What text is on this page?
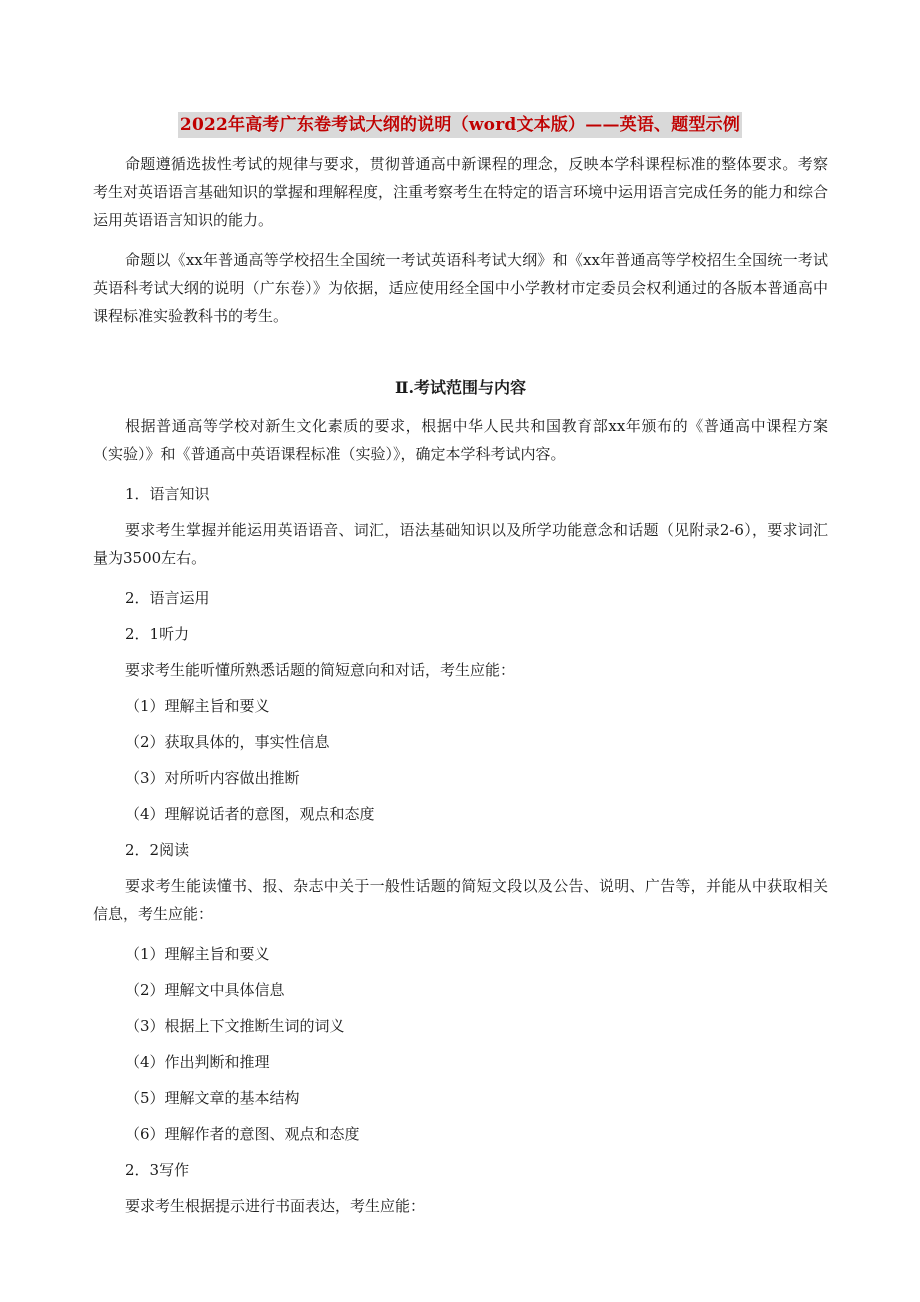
2022年高考广东卷考试大纲的说明（word文本版）——英语、题型示例

命题遵循选拔性考试的规律与要求，贯彻普通高中新课程的理念，反映本学科课程标准的整体要求。考察考生对英语语言基础知识的掌握和理解程度，注重考察考生在特定的语言环境中运用语言完成任务的能力和综合运用英语语言知识的能力。

命题以《xx年普通高等学校招生全国统一考试英语科考试大纲》和《xx年普通高等学校招生全国统一考试英语科考试大纲的说明（广东卷）》为依据，适应使用经全国中小学教材市定委员会权利通过的各版本普通高中课程标准实验教科书的考生。

Ⅱ.考试范围与内容

根据普通高等学校对新生文化素质的要求，根据中华人民共和国教育部xx年颁布的《普通高中课程方案（实验）》和《普通高中英语课程标准（实验）》，确定本学科考试内容。

1．语言知识

要求考生掌握并能运用英语语音、词汇，语法基础知识以及所学功能意念和话题（见附录2-6），要求词汇量为3500左右。

2．语言运用
2．1听力
要求考生能听懂所熟悉话题的简短意向和对话，考生应能：
（1）理解主旨和要义
（2）获取具体的，事实性信息
（3）对所听内容做出推断
（4）理解说话者的意图，观点和态度
2．2阅读

要求考生能读懂书、报、杂志中关于一般性话题的简短文段以及公告、说明、广告等，并能从中获取相关信息，考生应能：

（1）理解主旨和要义
（2）理解文中具体信息
（3）根据上下文推断生词的词义
（4）作出判断和推理
（5）理解文章的基本结构
（6）理解作者的意图、观点和态度
2．3写作
要求考生根据提示进行书面表达，考生应能：
